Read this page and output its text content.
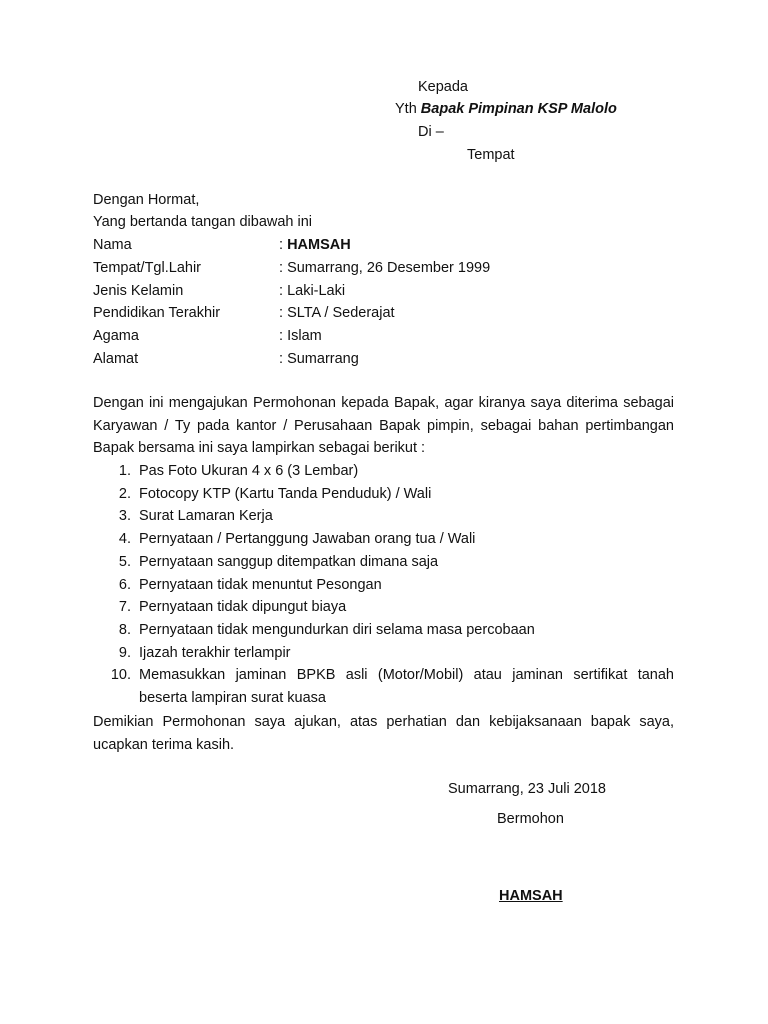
Kepada
Yth Bapak Pimpinan KSP Malolo
Di –
Tempat
Dengan Hormat,
Yang bertanda tangan dibawah ini
Nama	: HAMSAH
Tempat/Tgl.Lahir	: Sumarrang, 26 Desember 1999
Jenis Kelamin	: Laki-Laki
Pendidikan Terakhir	: SLTA / Sederajat
Agama	: Islam
Alamat	: Sumarrang
Dengan ini mengajukan Permohonan kepada Bapak, agar kiranya saya diterima sebagai Karyawan / Ty pada kantor / Perusahaan Bapak pimpin, sebagai bahan pertimbangan Bapak bersama ini saya lampirkan sebagai berikut :
1. Pas Foto Ukuran 4 x 6 (3 Lembar)
2. Fotocopy KTP (Kartu Tanda Penduduk) / Wali
3. Surat Lamaran Kerja
4. Pernyataan / Pertanggung Jawaban orang tua / Wali
5. Pernyataan sanggup ditempatkan dimana saja
6. Pernyataan tidak menuntut Pesongan
7. Pernyataan tidak dipungut biaya
8. Pernyataan tidak mengundurkan diri selama masa percobaan
9. Ijazah terakhir terlampir
10. Memasukkan jaminan BPKB asli (Motor/Mobil) atau jaminan sertifikat tanah beserta lampiran surat kuasa
Demikian Permohonan saya ajukan, atas perhatian dan kebijaksanaan bapak saya, ucapkan terima kasih.
Sumarrang, 23 Juli 2018
Bermohon
HAMSAH
